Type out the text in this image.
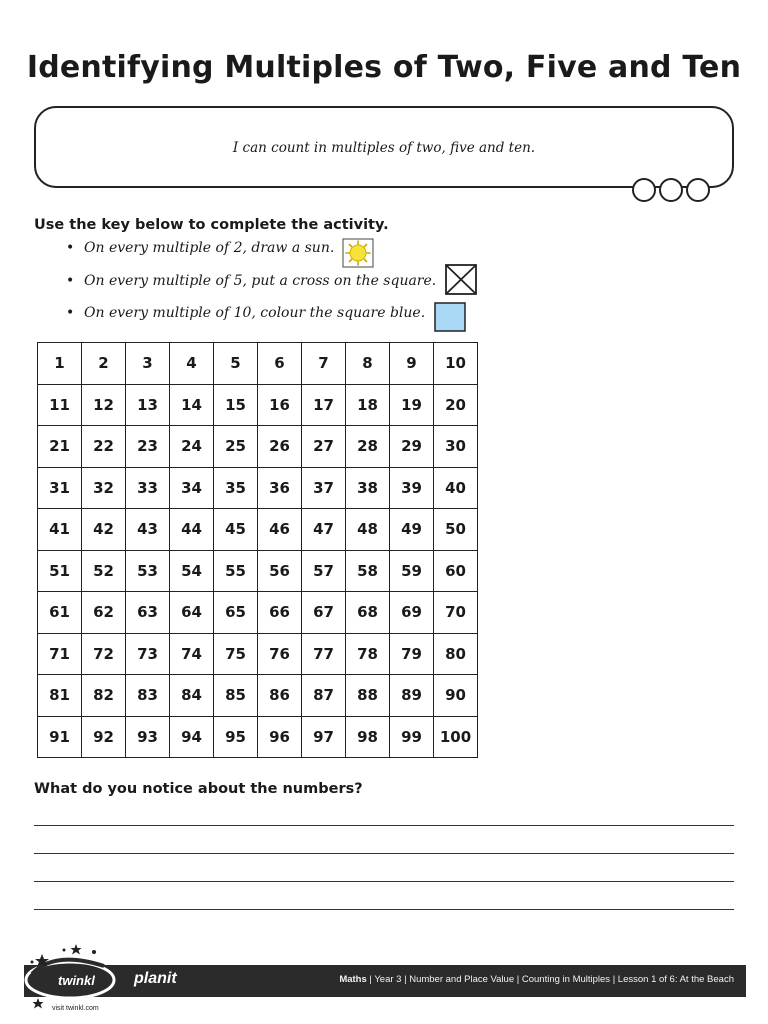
Identifying Multiples of Two, Five and Ten
I can count in multiples of two, five and ten.
Use the key below to complete the activity.
• On every multiple of 2, draw a sun.
• On every multiple of 5, put a cross on the square.
• On every multiple of 10, colour the square blue.
1	2	3	4	5	6	7	8	9	10
11	12	13	14	15	16	17	18	19	20
21	22	23	24	25	26	27	28	29	30
31	32	33	34	35	36	37	38	39	40
41	42	43	44	45	46	47	48	49	50
51	52	53	54	55	56	57	58	59	60
61	62	63	64	65	66	67	68	69	70
71	72	73	74	75	76	77	78	79	80
81	82	83	84	85	86	87	88	89	90
91	92	93	94	95	96	97	98	99	100
What do you notice about the numbers?
Maths | Year 3 | Number and Place Value | Counting in Multiples | Lesson 1 of 6: At the Beach
twinkl planit
visit twinkl.com
